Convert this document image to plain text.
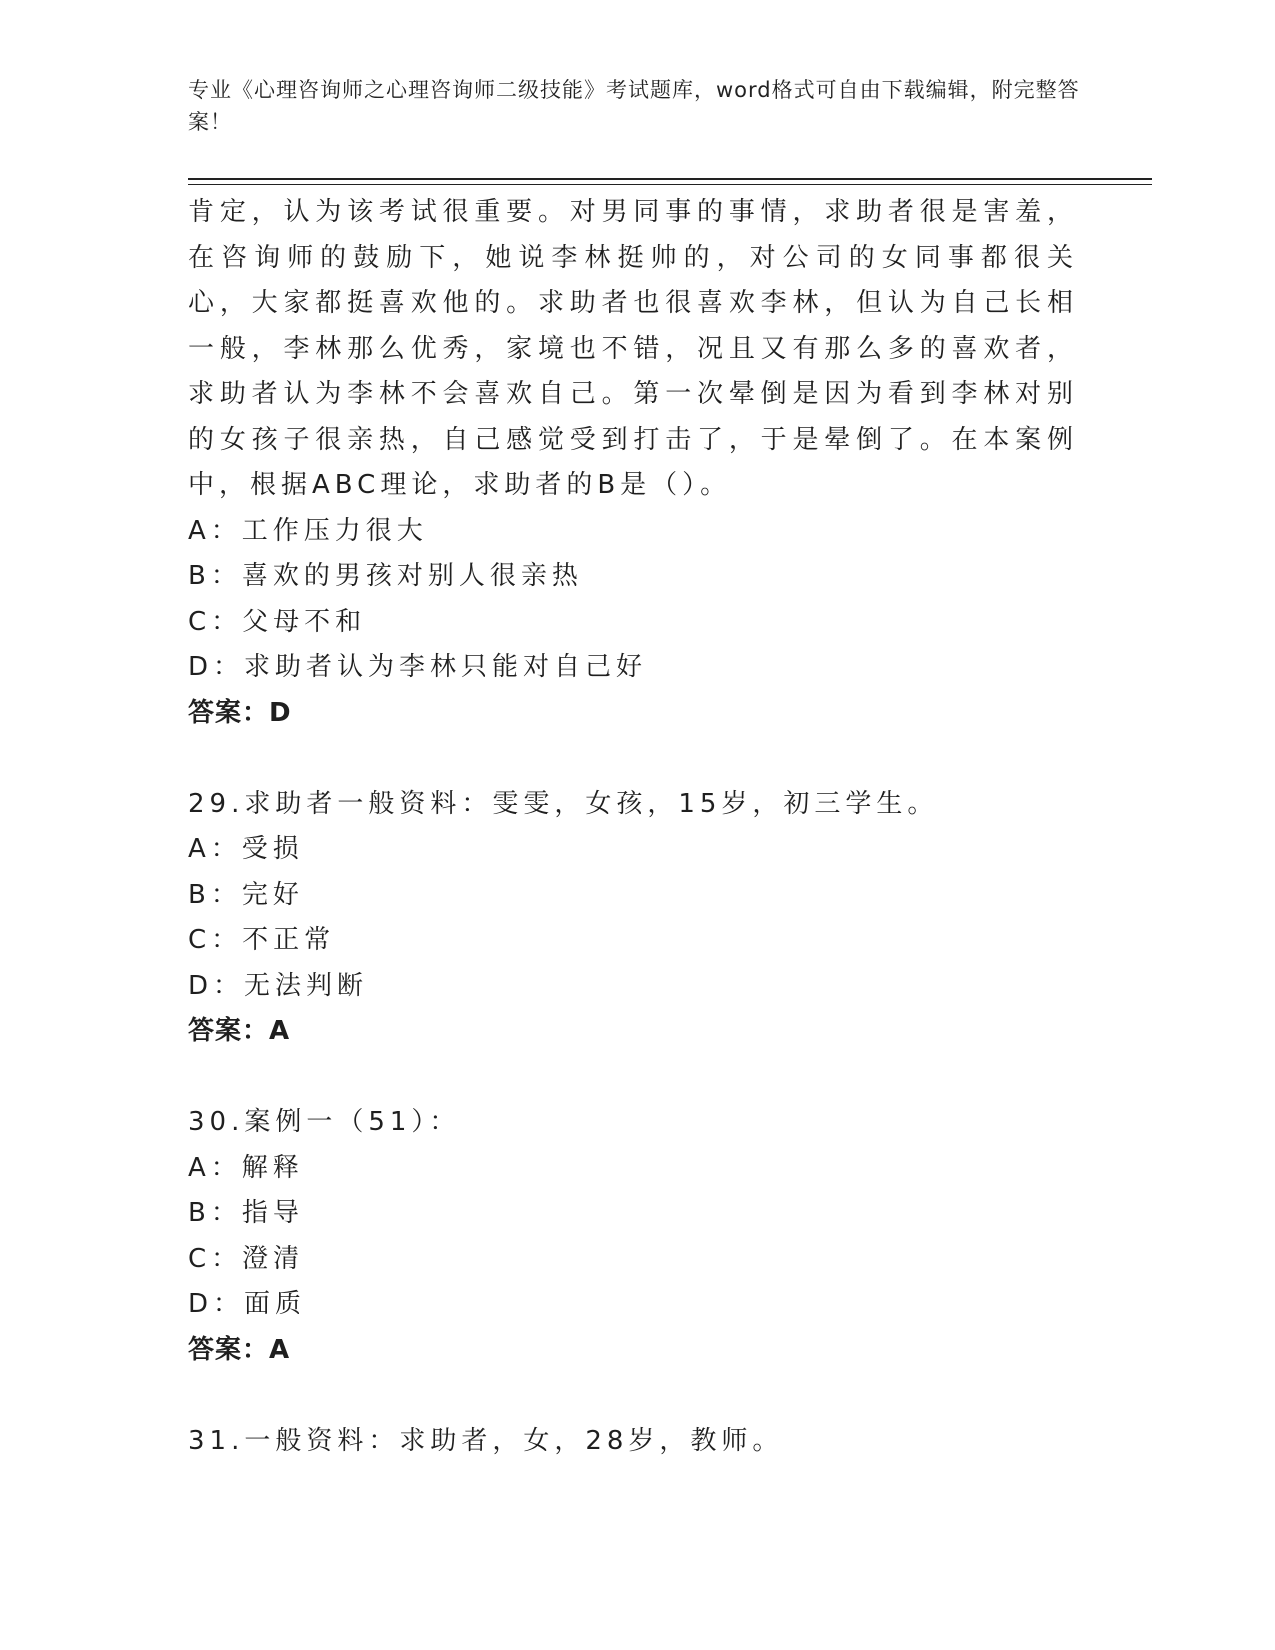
专业《心理咨询师之心理咨询师二级技能》考试题库，word格式可自由下载编辑，附完整答案！

肯定，认为该考试很重要。对男同事的事情，求助者很是害羞，在咨询师的鼓励下，她说李林挺帅的，对公司的女同事都很关心，大家都挺喜欢他的。求助者也很喜欢李林，但认为自己长相一般，李林那么优秀，家境也不错，况且又有那么多的喜欢者，求助者认为李林不会喜欢自己。第一次晕倒是因为看到李林对别的女孩子很亲热，自己感觉受到打击了，于是晕倒了。在本案例中，根据ABC理论，求助者的B是（）。

A：工作压力很大

B：喜欢的男孩对别人很亲热

C：父母不和

D：求助者认为李林只能对自己好

答案：D

29.求助者一般资料：雯雯，女孩，15岁，初三学生。

A：受损

B：完好

C：不正常

D：无法判断

答案：A

30.案例一（51）：

A：解释

B：指导

C：澄清

D：面质

答案：A

31.一般资料：求助者，女，28岁，教师。
